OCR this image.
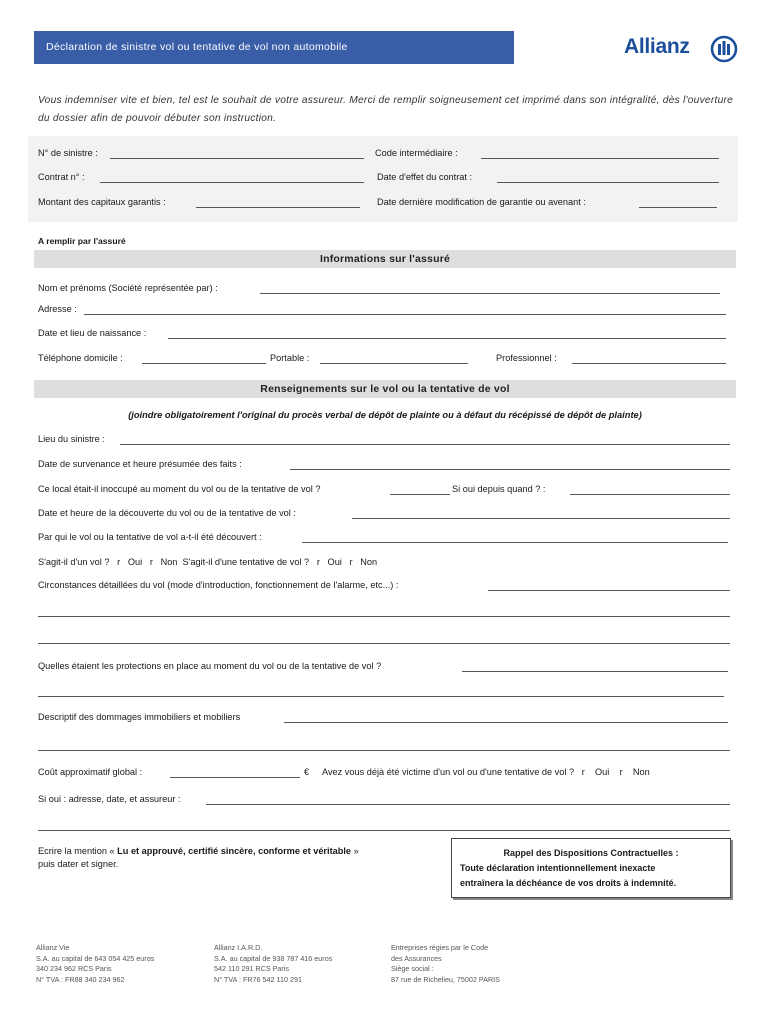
Déclaration de sinistre vol ou tentative de vol non automobile	Allianz
Vous indemniser vite et bien, tel est le souhait de votre assureur. Merci de remplir soigneusement cet imprimé dans son intégralité, dès l'ouverture du dossier afin de pouvoir débuter son instruction.
N° de sinistre :	Code intermédiaire :
Contrat n° :	Date d'effet du contrat :
Montant des capitaux garantis :	Date dernière modification de garantie ou avenant :
A remplir par l'assuré
Informations sur l'assuré
Nom et prénoms (Société représentée par) :
Adresse :
Date et lieu de naissance :
Téléphone domicile :	Portable :	Professionnel :
Renseignements sur le vol ou la tentative de vol
(joindre obligatoirement l'original du procès verbal de dépôt de plainte ou à défaut du récépissé de dépôt de plainte)
Lieu du sinistre :
Date de survenance et heure présumée des faits :
Ce local était-il inoccupé au moment du vol ou de la tentative de vol ?	Si oui depuis quand ? :
Date et heure de la découverte du vol ou de la tentative de vol :
Par qui le vol ou la tentative de vol a-t-il été découvert :
S'agit-il d'un vol ? r Oui r Non S'agit-il d'une tentative de vol ? r Oui r Non
Circonstances détaillées du vol (mode d'introduction, fonctionnement de l'alarme, etc...) :
Quelles étaient les protections en place au moment du vol ou de la tentative de vol ?
Descriptif des dommages immobiliers et mobiliers
Coût approximatif global :	€ Avez vous déjà été victime d'un vol ou d'une tentative de vol ? r Oui r Non
Si oui : adresse, date, et assureur :
Ecrire la mention « Lu et approuvé, certifié sincère, conforme et véritable »
puis dater et signer.
Rappel des Dispositions Contractuelles :
Toute déclaration intentionnellement inexacte
entraînera la déchéance de vos droits à indemnité.
Allianz Vie
S.A. au capital de 643 054 425 euros
340 234 962 RCS Paris
N° TVA : FR88 340 234 962
Allianz I.A.R.D.
S.A. au capital de 938 787 416 euros
542 110 291 RCS Paris
N° TVA : FR76 542 110 291
Entreprises régies par le Code
des Assurances
Siège social :
87 rue de Richelieu, 75002 PARIS
